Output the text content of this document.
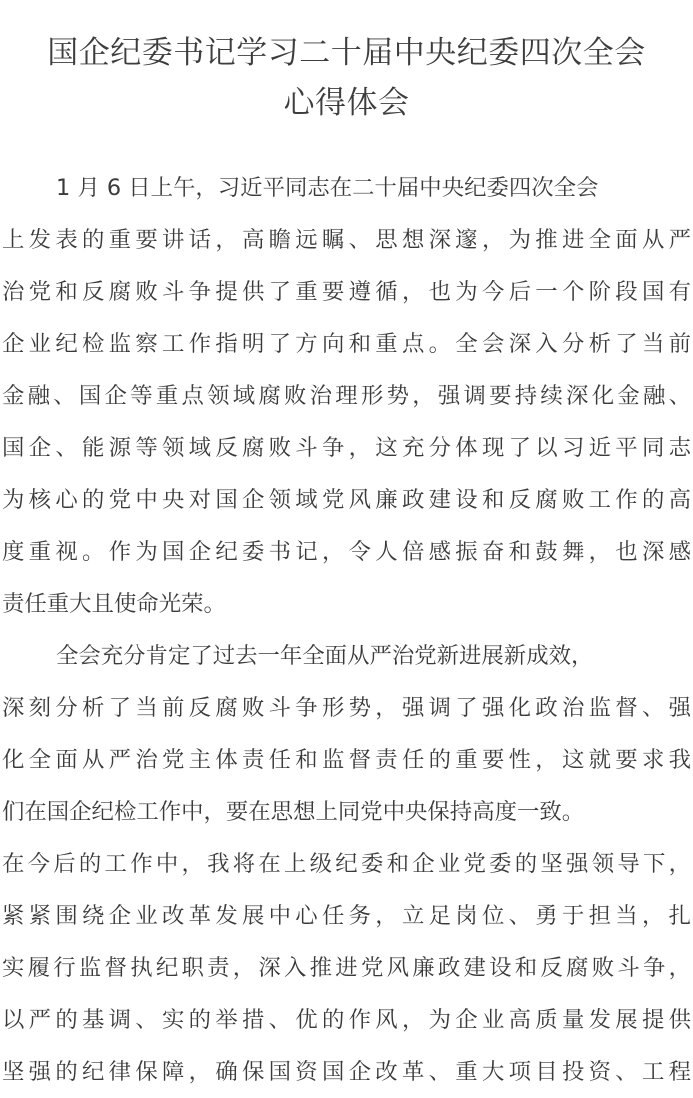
国企纪委书记学习二十届中央纪委四次全会
心得体会
1 月 6 日上午，习近平同志在二十届中央纪委四次全会
上发表的重要讲话，高瞻远瞩、思想深邃，为推进全面从严
治党和反腐败斗争提供了重要遵循，也为今后一个阶段国有
企业纪检监察工作指明了方向和重点。全会深入分析了当前
金融、国企等重点领域腐败治理形势，强调要持续深化金融、
国企、能源等领域反腐败斗争，这充分体现了以习近平同志
为核心的党中央对国企领域党风廉政建设和反腐败工作的高
度重视。作为国企纪委书记，令人倍感振奋和鼓舞，也深感
责任重大且使命光荣。
全会充分肯定了过去一年全面从严治党新进展新成效，
深刻分析了当前反腐败斗争形势，强调了强化政治监督、强
化全面从严治党主体责任和监督责任的重要性，这就要求我
们在国企纪检工作中，要在思想上同党中央保持高度一致。
在今后的工作中，我将在上级纪委和企业党委的坚强领导下，
紧紧围绕企业改革发展中心任务，立足岗位、勇于担当，扎
实履行监督执纪职责，深入推进党风廉政建设和反腐败斗争，
以严的基调、实的举措、优的作风，为企业高质量发展提供
坚强的纪律保障，确保国资国企改革、重大项目投资、工程
